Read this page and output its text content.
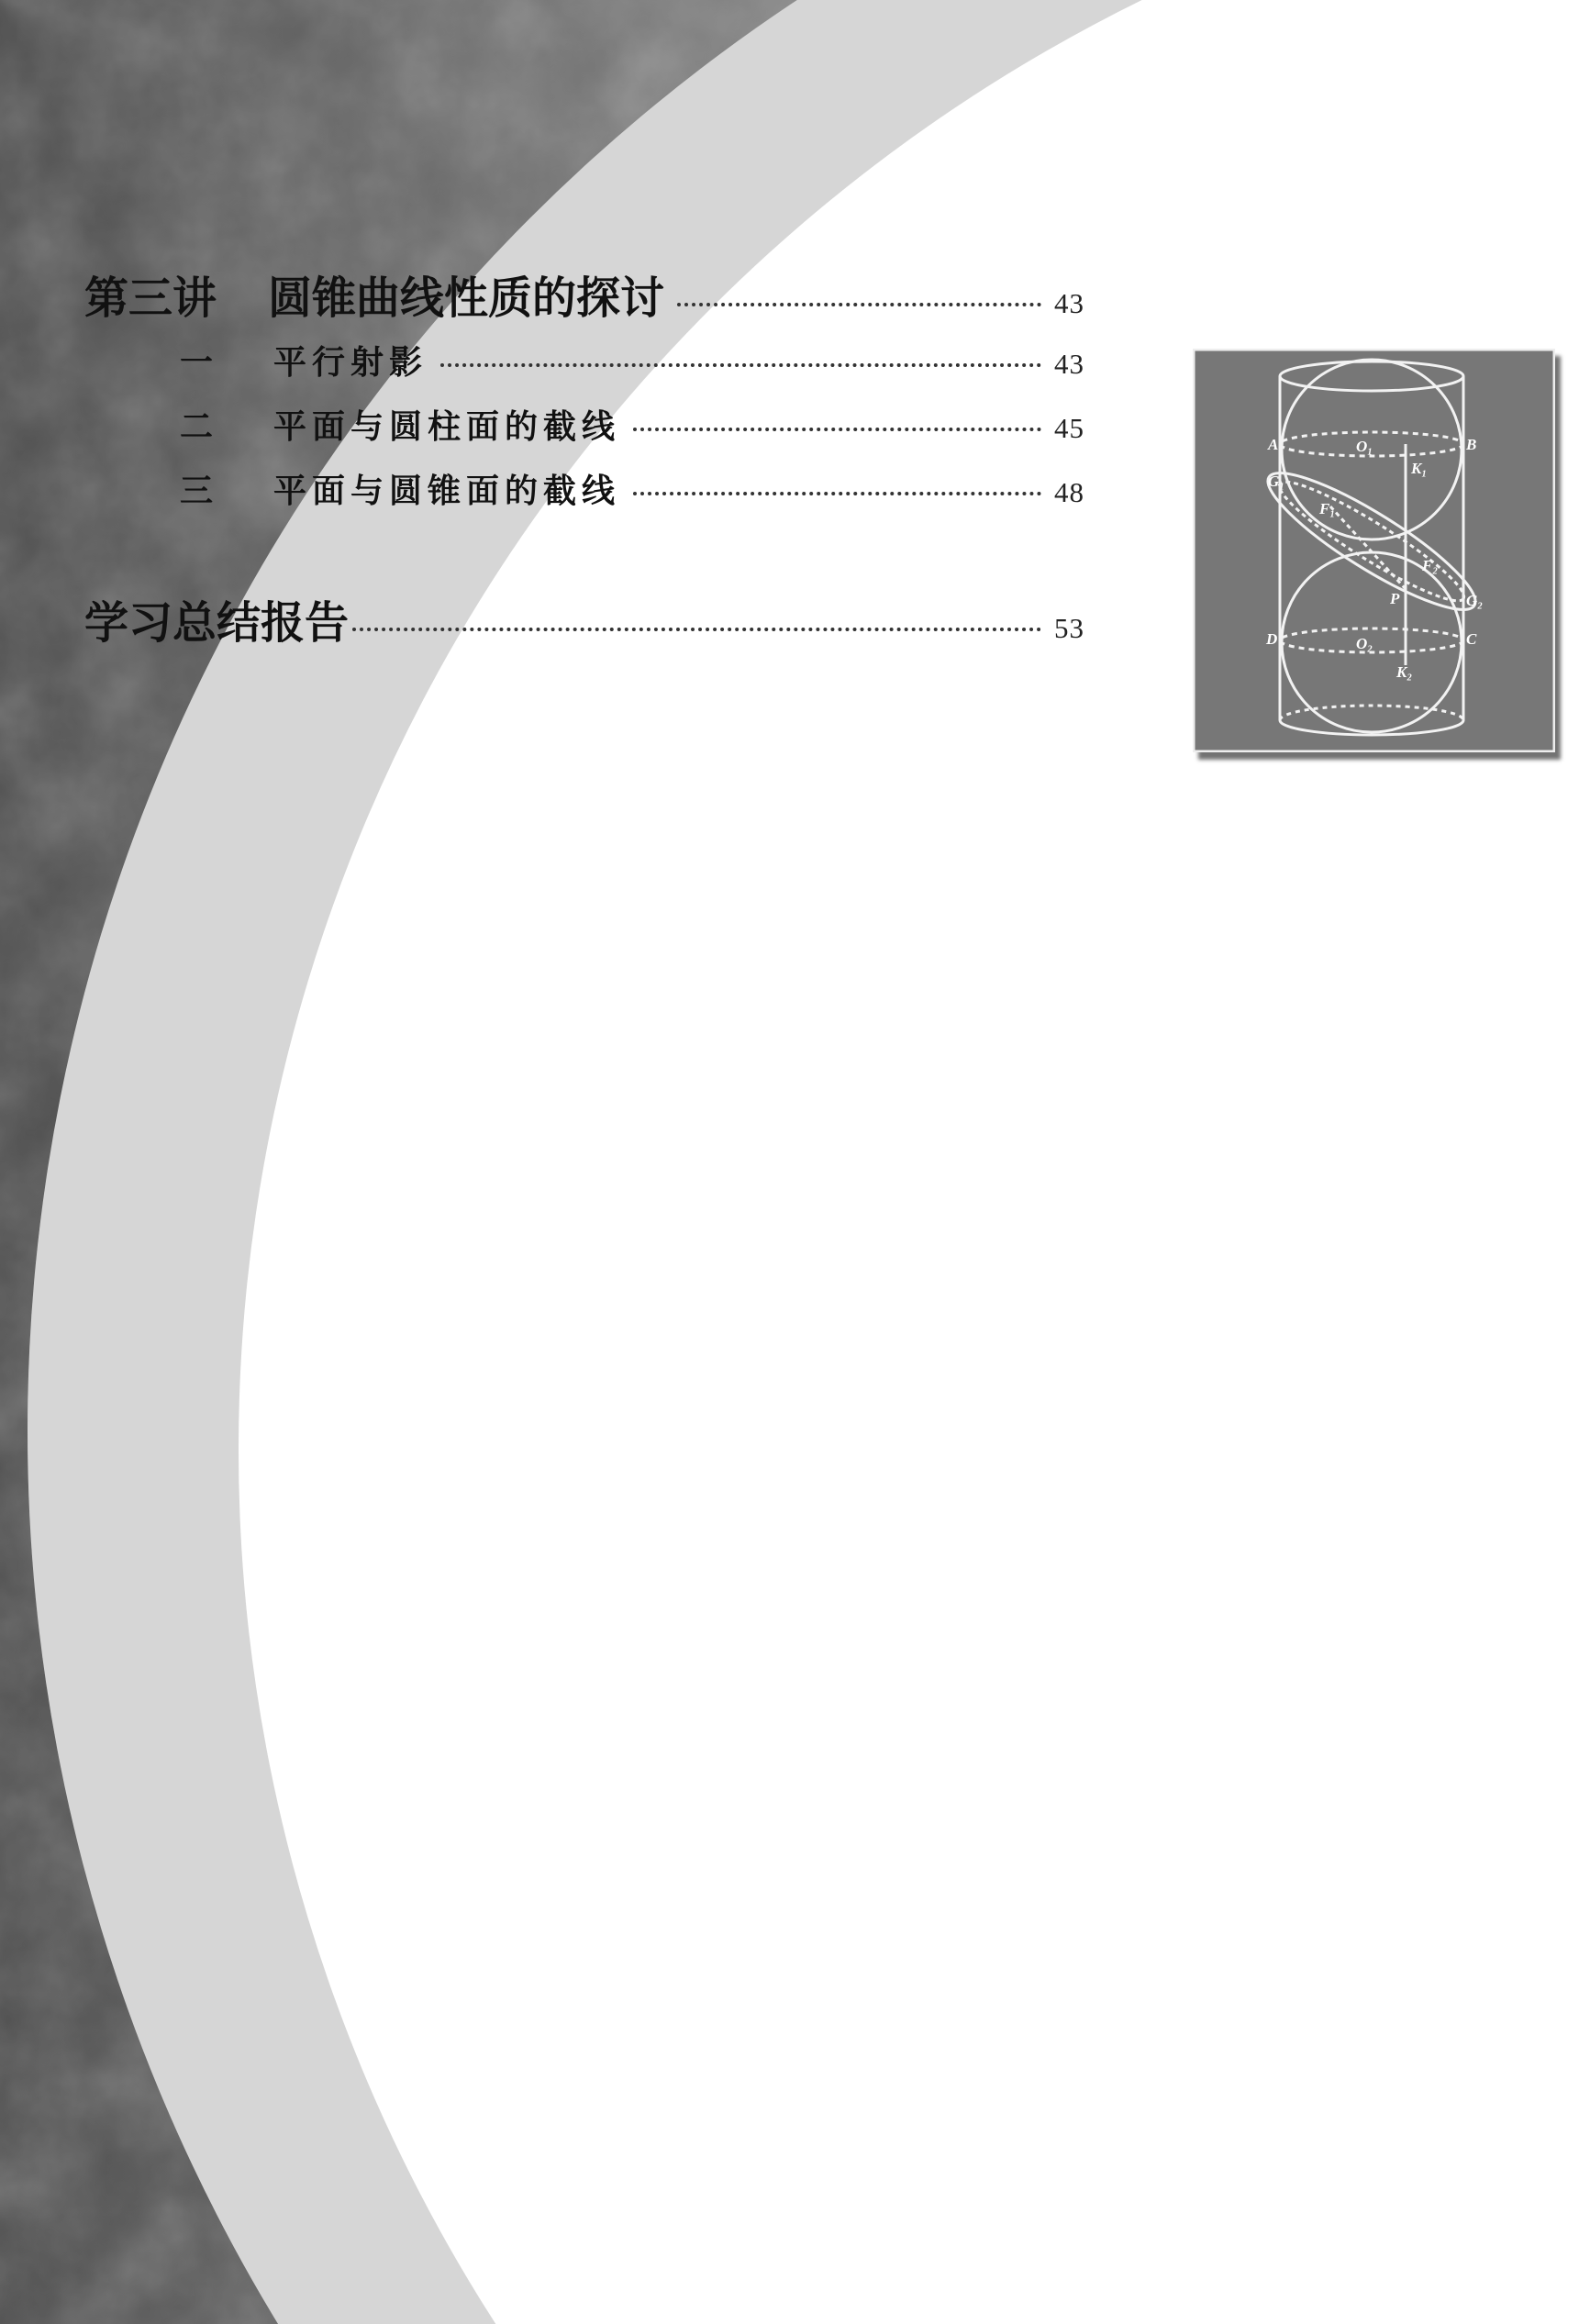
第三讲 圆锥曲线性质的探讨	43
一	平行射影	43
二	平面与圆柱面的截线	45
三	平面与圆锥面的截线	48
学习总结报告	53
A	B
C
D
O₁
O₂
K₁
K₂
G₁
G₂
F₁
F₂
P
